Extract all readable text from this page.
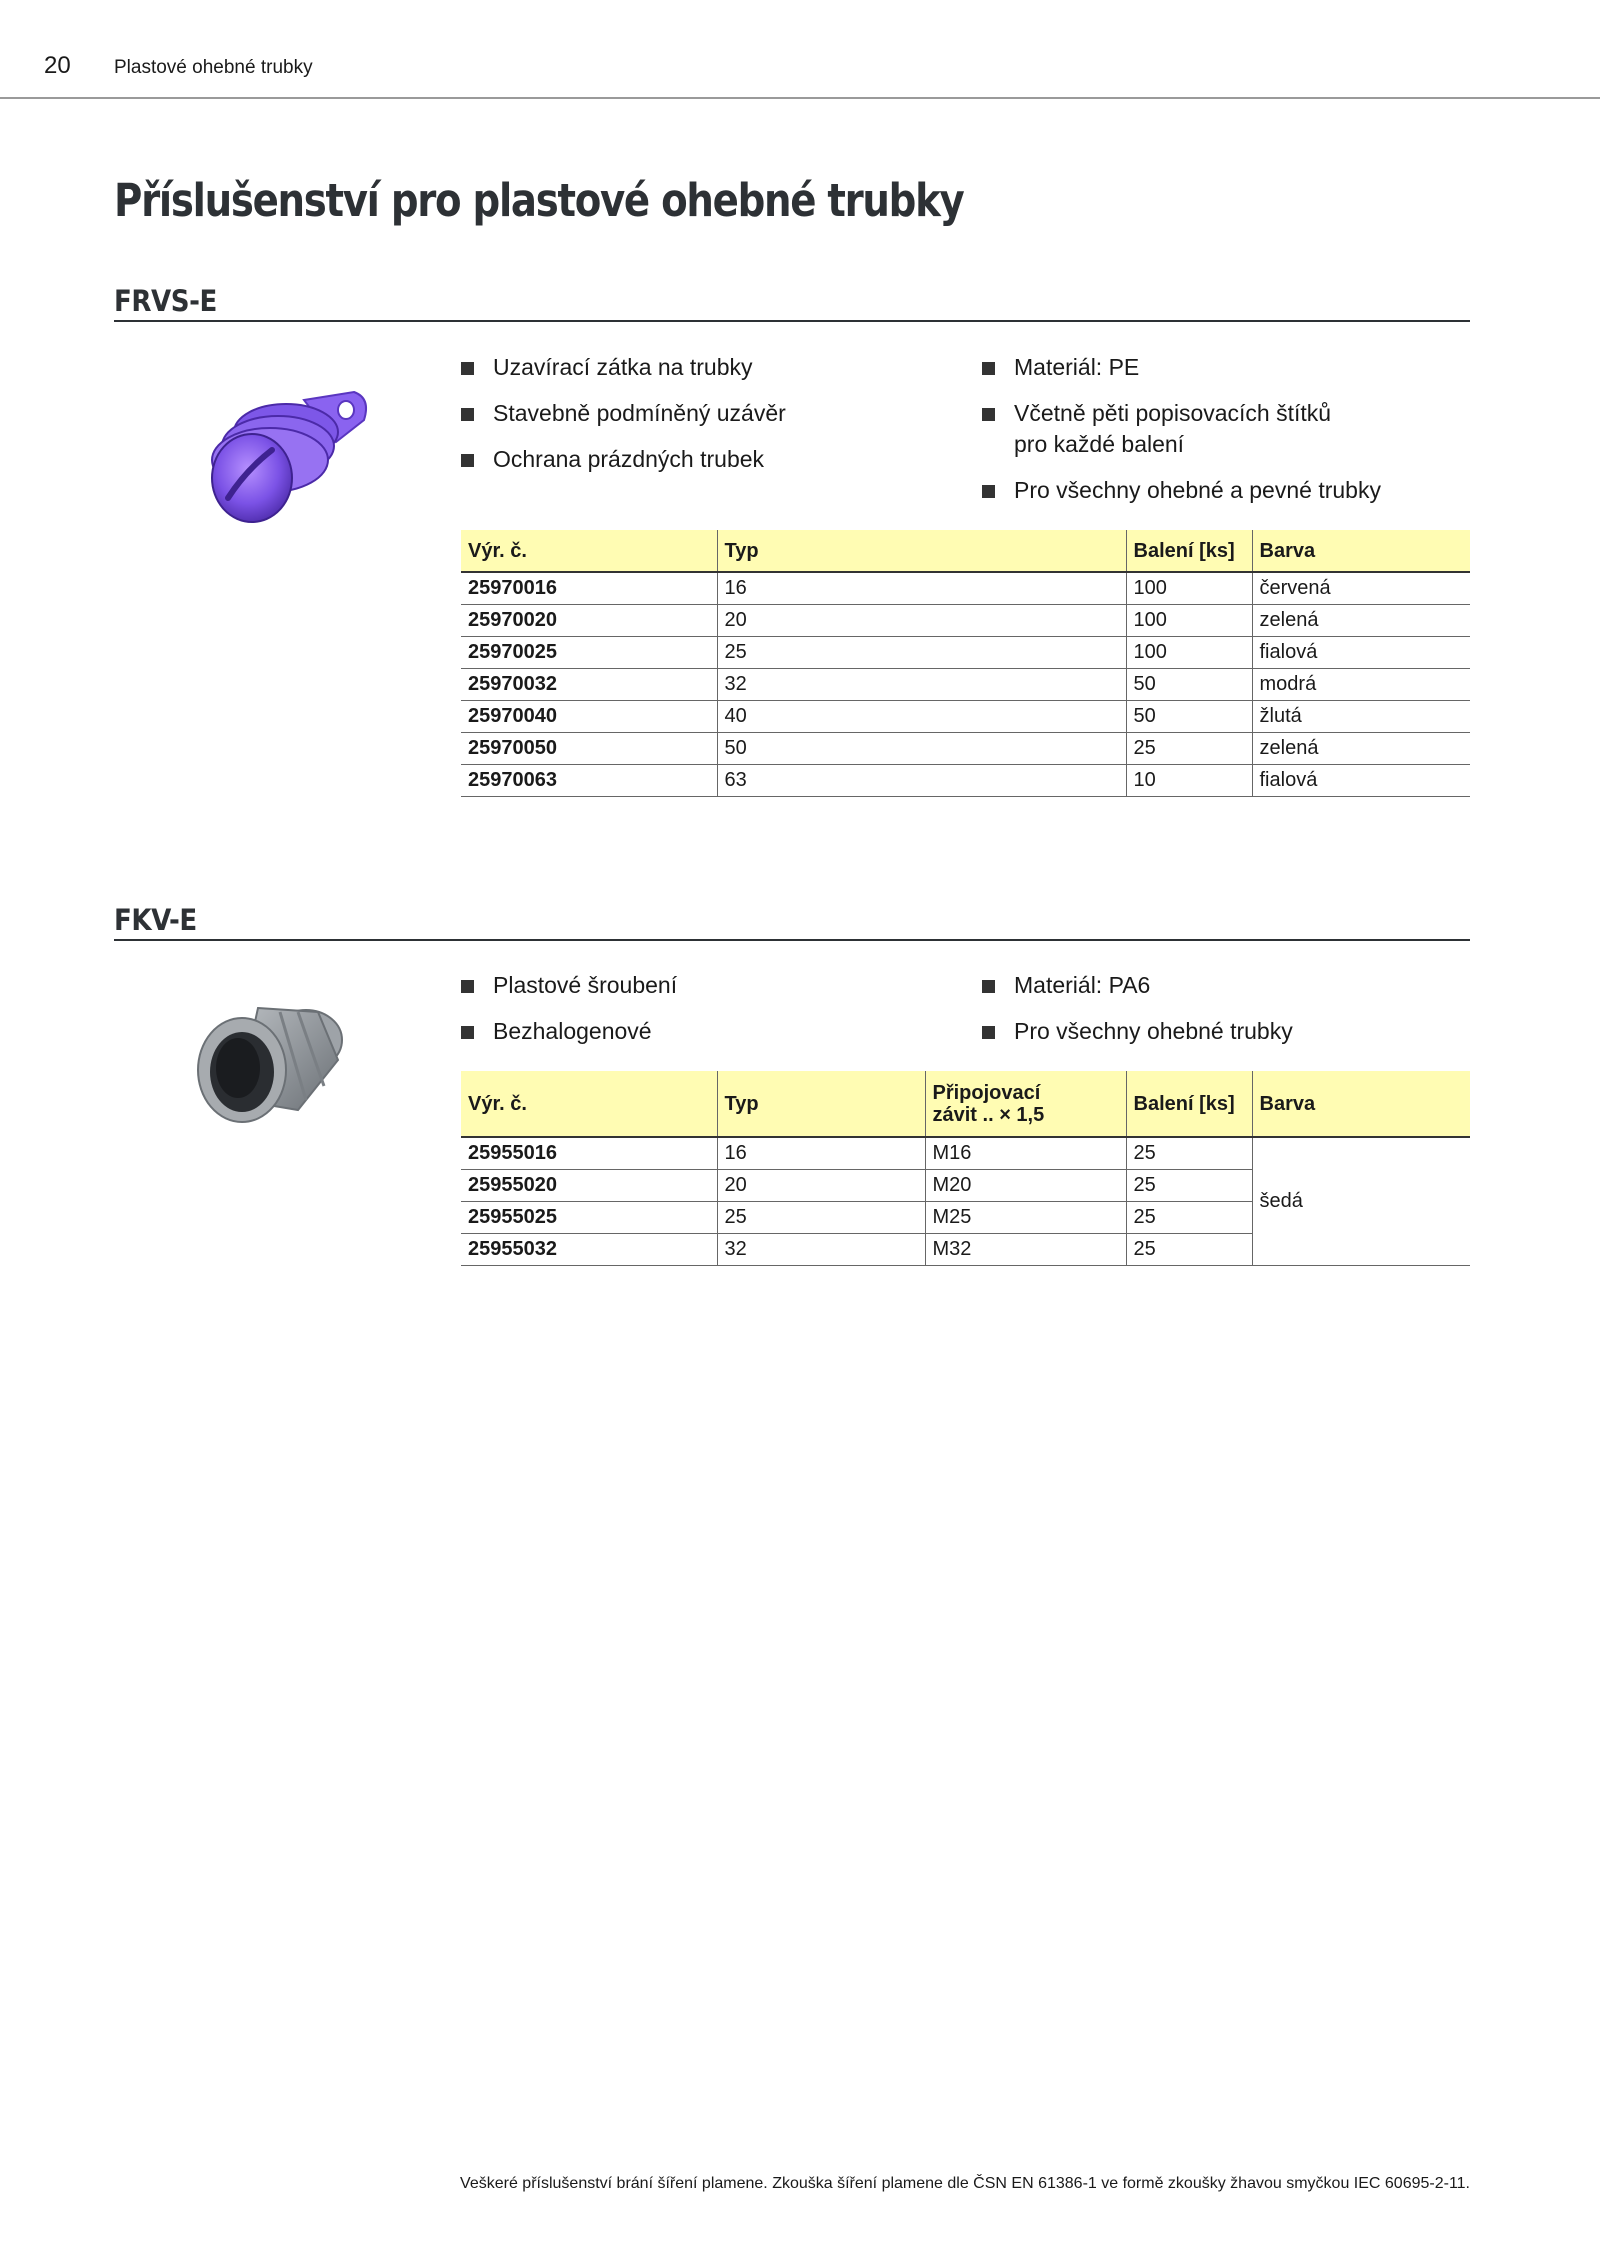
20 Plastové ohebné trubky
Příslušenství pro plastové ohebné trubky
FRVS-E
Uzavírací zátka na trubky
Stavebně podmíněný uzávěr
Ochrana prázdných trubek
Materiál: PE
Včetně pěti popisovacích štítků
pro každé balení
Pro všechny ohebné a pevné trubky
Výr. č.	Typ	Balení [ks]	Barva
25970016	16	100	červená
25970020	20	100	zelená
25970025	25	100	fialová
25970032	32	50	modrá
25970040	40	50	žlutá
25970050	50	25	zelená
25970063	63	10	fialová
FKV-E
Plastové šroubení
Bezhalogenové
Materiál: PA6
Pro všechny ohebné trubky
Výr. č.	Typ	Připojovací
závit .. × 1,5	Balení [ks]	Barva
25955016	16	M16	25	šedá
25955020	20	M20	25	
25955025	25	M25	25	
25955032	32	M32	25	
Veškeré příslušenství brání šíření plamene. Zkouška šíření plamene dle ČSN EN 61386-1 ve formě zkoušky žhavou smyčkou IEC 60695-2-11.
